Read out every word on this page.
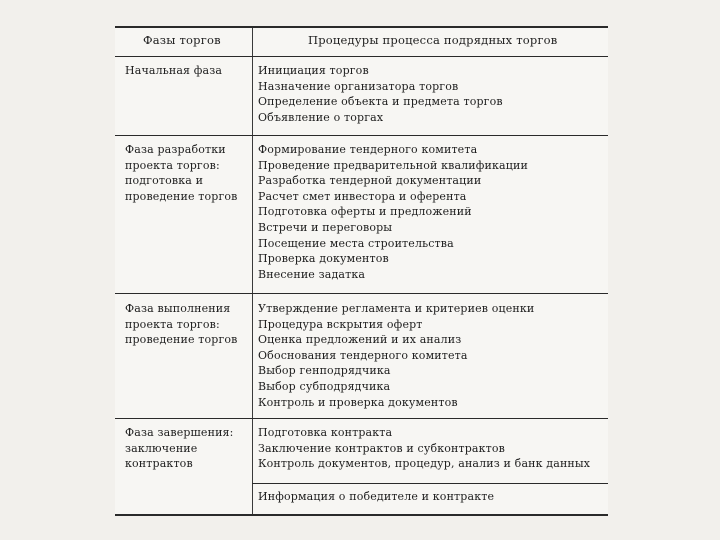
Фазы торгов	Процедуры процесса подрядных торгов
Начальная фаза	Инициация торгов
Назначение организатора торгов
Определение объекта и предмета торгов
Объявление о торгах
Фаза разработки
проекта торгов:
подготовка и
проведение торгов
Формирование тендерного комитета
Проведение предварительной квалификации
Разработка тендерной документации
Расчет смет инвестора и оферента
Подготовка оферты и предложений
Встречи и переговоры
Посещение места строительства
Проверка документов
Внесение задатка
Фаза выполнения
проекта торгов:
проведение торгов
Утверждение регламента и критериев оценки
Процедура вскрытия оферт
Оценка предложений и их анализ
Обоснования тендерного комитета
Выбор генподрядчика
Выбор субподрядчика
Контроль и проверка документов
Фаза завершения:
заключение
контрактов
Подготовка контракта
Заключение контрактов и субконтрактов
Контроль документов, процедур, анализ и банк данных
Информация о победителе и контракте
